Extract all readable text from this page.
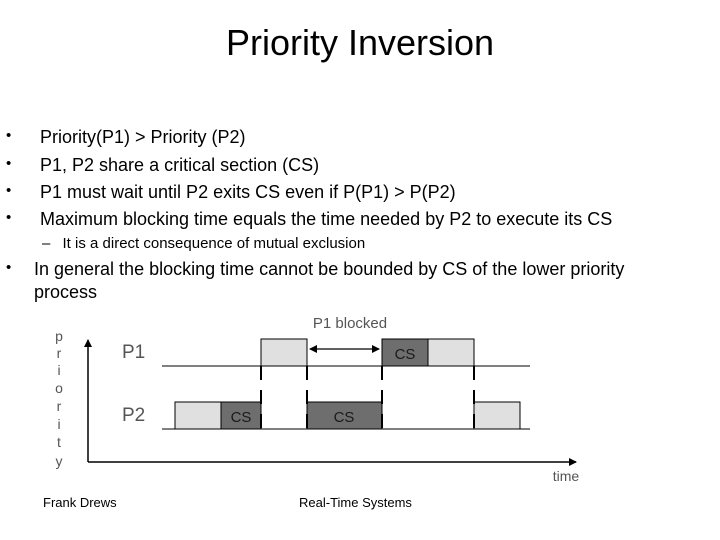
Priority Inversion
• Priority(P1) > Priority (P2)
• P1, P2 share a critical section (CS)
• P1 must wait until P2 exits CS even if P(P1) > P(P2)
• Maximum blocking time equals the time needed by P2 to execute its CS
– It is a direct consequence of mutual exclusion
• In general the blocking time cannot be bounded by CS of the lower priority
process
p
r
i
o
r
i
t
y
time
P1
P2
CS
CS	CS
P1 blocked
Frank Drews	Real-Time Systems
